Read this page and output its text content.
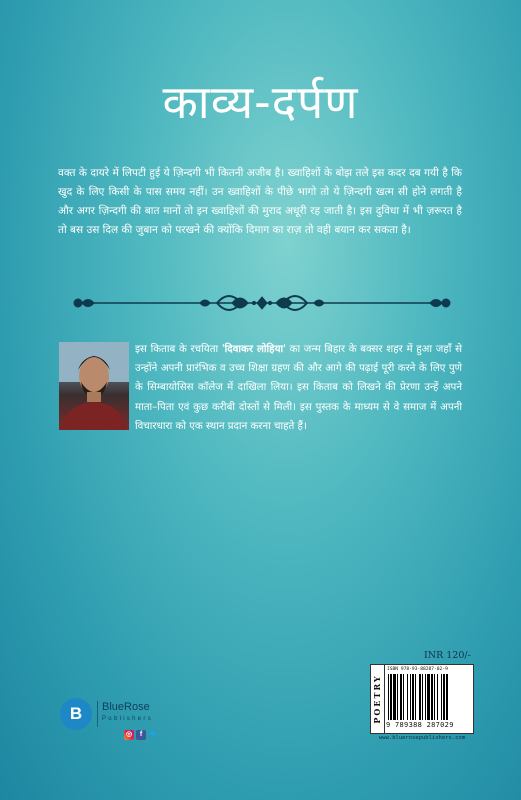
काव्य-दर्पण
वक्त के दायरे में लिपटी हुई ये ज़िन्दगी भी कितनी अजीब है। ख्वाहिशों के बोझ तले इस कदर दब गयी है कि खुद के लिए किसी के पास समय नहीं। उन ख्वाहिशों के पीछे भागो तो ये ज़िन्दगी खत्म सी होने लगती है और अगर ज़िन्दगी की बात मानों तो इन ख्वाहिशों की मुराद अधूरी रह जाती है। इस दुविधा में भी ज़रूरत है तो बस उस दिल की जुबान को परखने की क्योंकि दिमाग का राज़ तो वही बयान कर सकता है।
इस किताब के रचयिता 'दिवाकर लोहिया' का जन्म बिहार के बक्सर शहर में हुआ जहाँ से उन्होंने अपनी प्रारंभिक व उच्च शिक्षा ग्रहण की और आगे की पढ़ाई पूरी करने के लिए पुणे के सिम्बायोसिस कॉलेज में दाखिला लिया। इस किताब को लिखने की प्रेरणा उन्हें अपने माता–पिता एवं कुछ करीबी दोस्तों से मिली। इस पुस्तक के माध्यम से वे समाज में अपनी विचारधारा को एक स्थान प्रदान करना चाहते हैं।
INR 120/-
POETRY
ISBN 978-93-88287-02-9
9 789388 287029
www.bluerosepublishers.com
B	BlueRose
Publishers
◎ f ✦
